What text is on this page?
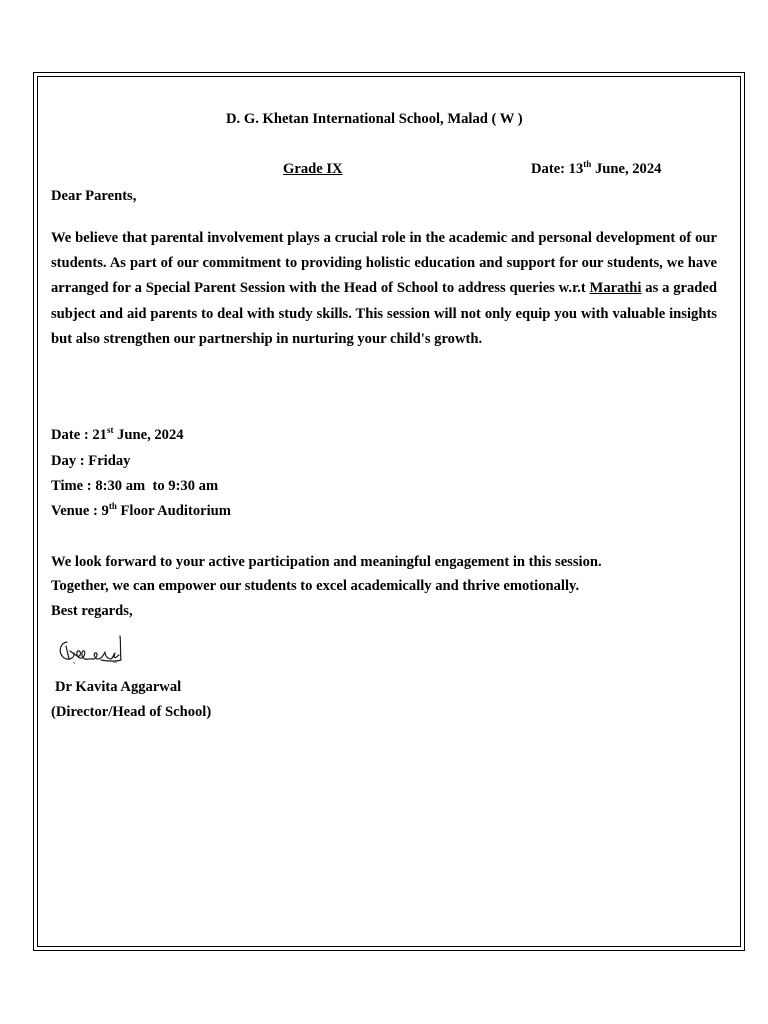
D. G. Khetan International School, Malad ( W )
Grade IX	Date: 13th June, 2024
Dear Parents,
We believe that parental involvement plays a crucial role in the academic and personal development of our students. As part of our commitment to providing holistic education and support for our students, we have arranged for a Special Parent Session with the Head of School to address queries w.r.t Marathi as a graded subject and aid parents to deal with study skills. This session will not only equip you with valuable insights but also strengthen our partnership in nurturing your child's growth.
Date : 21st June, 2024
Day : Friday
Time : 8:30 am  to 9:30 am
Venue : 9th Floor Auditorium
We look forward to your active participation and meaningful engagement in this session.
Together, we can empower our students to excel academically and thrive emotionally.
Best regards,
Dr Kavita Aggarwal
(Director/Head of School)
